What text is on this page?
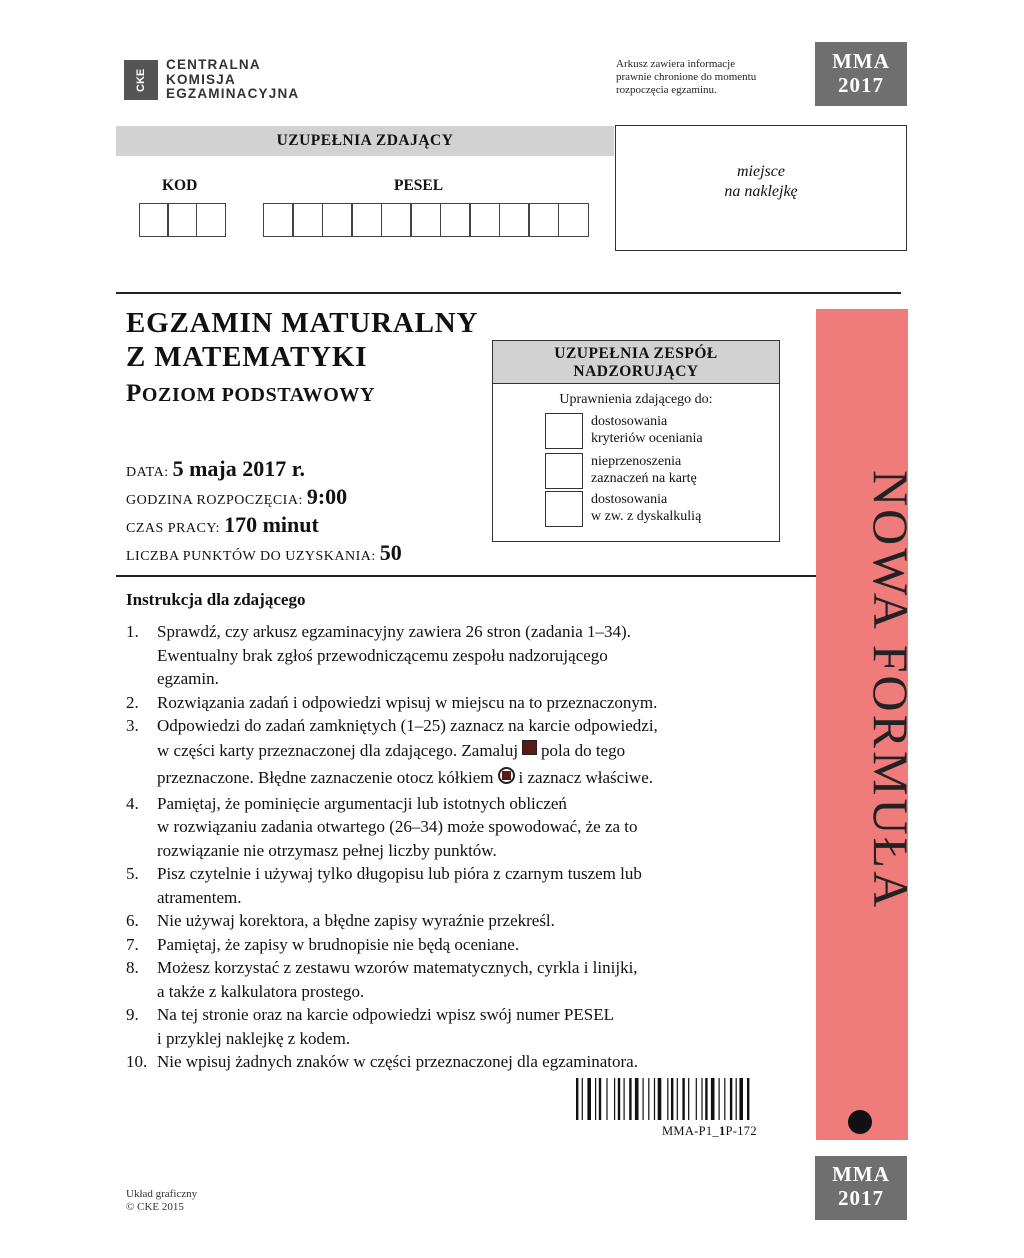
CKE
CENTRALNA
KOMISJA
EGZAMINACYJNA
Arkusz zawiera informacje
prawnie chronione do momentu
rozpoczęcia egzaminu.
MMA
2017
UZUPEŁNIA ZDAJĄCY
KOD	PESEL
miejsce
na naklejkę
EGZAMIN MATURALNY
Z MATEMATYKI
POZIOM PODSTAWOWY
DATA: 5 maja 2017 r.
GODZINA ROZPOCZĘCIA: 9:00
CZAS PRACY: 170 minut
LICZBA PUNKTÓW DO UZYSKANIA: 50
UZUPEŁNIA ZESPÓŁ
NADZORUJĄCY
Uprawnienia zdającego do:
dostosowania
kryteriów oceniania
nieprzenoszenia
zaznaczeń na kartę
dostosowania
w zw. z dyskalkulią	NOWA FORMUŁA
Instrukcja dla zdającego
1. Sprawdź, czy arkusz egzaminacyjny zawiera 26 stron (zadania 1–34).
Ewentualny brak zgłoś przewodniczącemu zespołu nadzorującego
egzamin.
2. Rozwiązania zadań i odpowiedzi wpisuj w miejscu na to przeznaczonym.
3. Odpowiedzi do zadań zamkniętych (1–25) zaznacz na karcie odpowiedzi,
w części karty przeznaczonej dla zdającego. Zamaluj pola do tego
przeznaczone. Błędne zaznaczenie otocz kółkiem i zaznacz właściwe.
4. Pamiętaj, że pominięcie argumentacji lub istotnych obliczeń
w rozwiązaniu zadania otwartego (26–34) może spowodować, że za to
rozwiązanie nie otrzymasz pełnej liczby punktów.
5. Pisz czytelnie i używaj tylko długopisu lub pióra z czarnym tuszem lub
atramentem.
6. Nie używaj korektora, a błędne zapisy wyraźnie przekreśl.
7. Pamiętaj, że zapisy w brudnopisie nie będą oceniane.
8. Możesz korzystać z zestawu wzorów matematycznych, cyrkla i linijki,
a także z kalkulatora prostego.
9. Na tej stronie oraz na karcie odpowiedzi wpisz swój numer PESEL
i przyklej naklejkę z kodem.
10. Nie wpisuj żadnych znaków w części przeznaczonej dla egzaminatora.
MMA-P1_1P-172
MMA
2017
Układ graficzny
© CKE 2015
